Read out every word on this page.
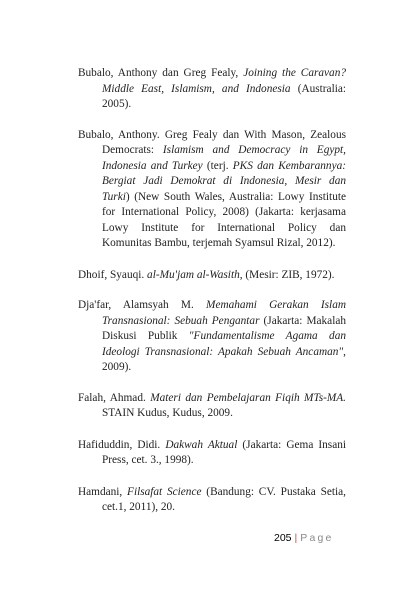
Bubalo, Anthony dan Greg Fealy, Joining the Caravan? Middle East, Islamism, and Indonesia (Australia: 2005).

Bubalo, Anthony. Greg Fealy dan With Mason, Zealous Democrats: Islamism and Democracy in Egypt, Indonesia and Turkey (terj. PKS dan Kembarannya: Bergiat Jadi Demokrat di Indonesia, Mesir dan Turki) (New South Wales, Australia: Lowy Institute for International Policy, 2008) (Jakarta: kerjasama Lowy Institute for International Policy dan Komunitas Bambu, terjemah Syamsul Rizal, 2012).

Dhoif, Syauqi. al-Mu'jam al-Wasith, (Mesir: ZIB, 1972).

Dja'far, Alamsyah M. Memahami Gerakan Islam Transnasional: Sebuah Pengantar (Jakarta: Makalah Diskusi Publik "Fundamentalisme Agama dan Ideologi Transnasional: Apakah Sebuah Ancaman", 2009).

Falah, Ahmad. Materi dan Pembelajaran Fiqih MTs-MA. STAIN Kudus, Kudus, 2009.

Hafiduddin, Didi. Dakwah Aktual (Jakarta: Gema Insani Press, cet. 3., 1998).

Hamdani, Filsafat Science (Bandung: CV. Pustaka Setia, cet.1, 2011), 20.

205 | Page
